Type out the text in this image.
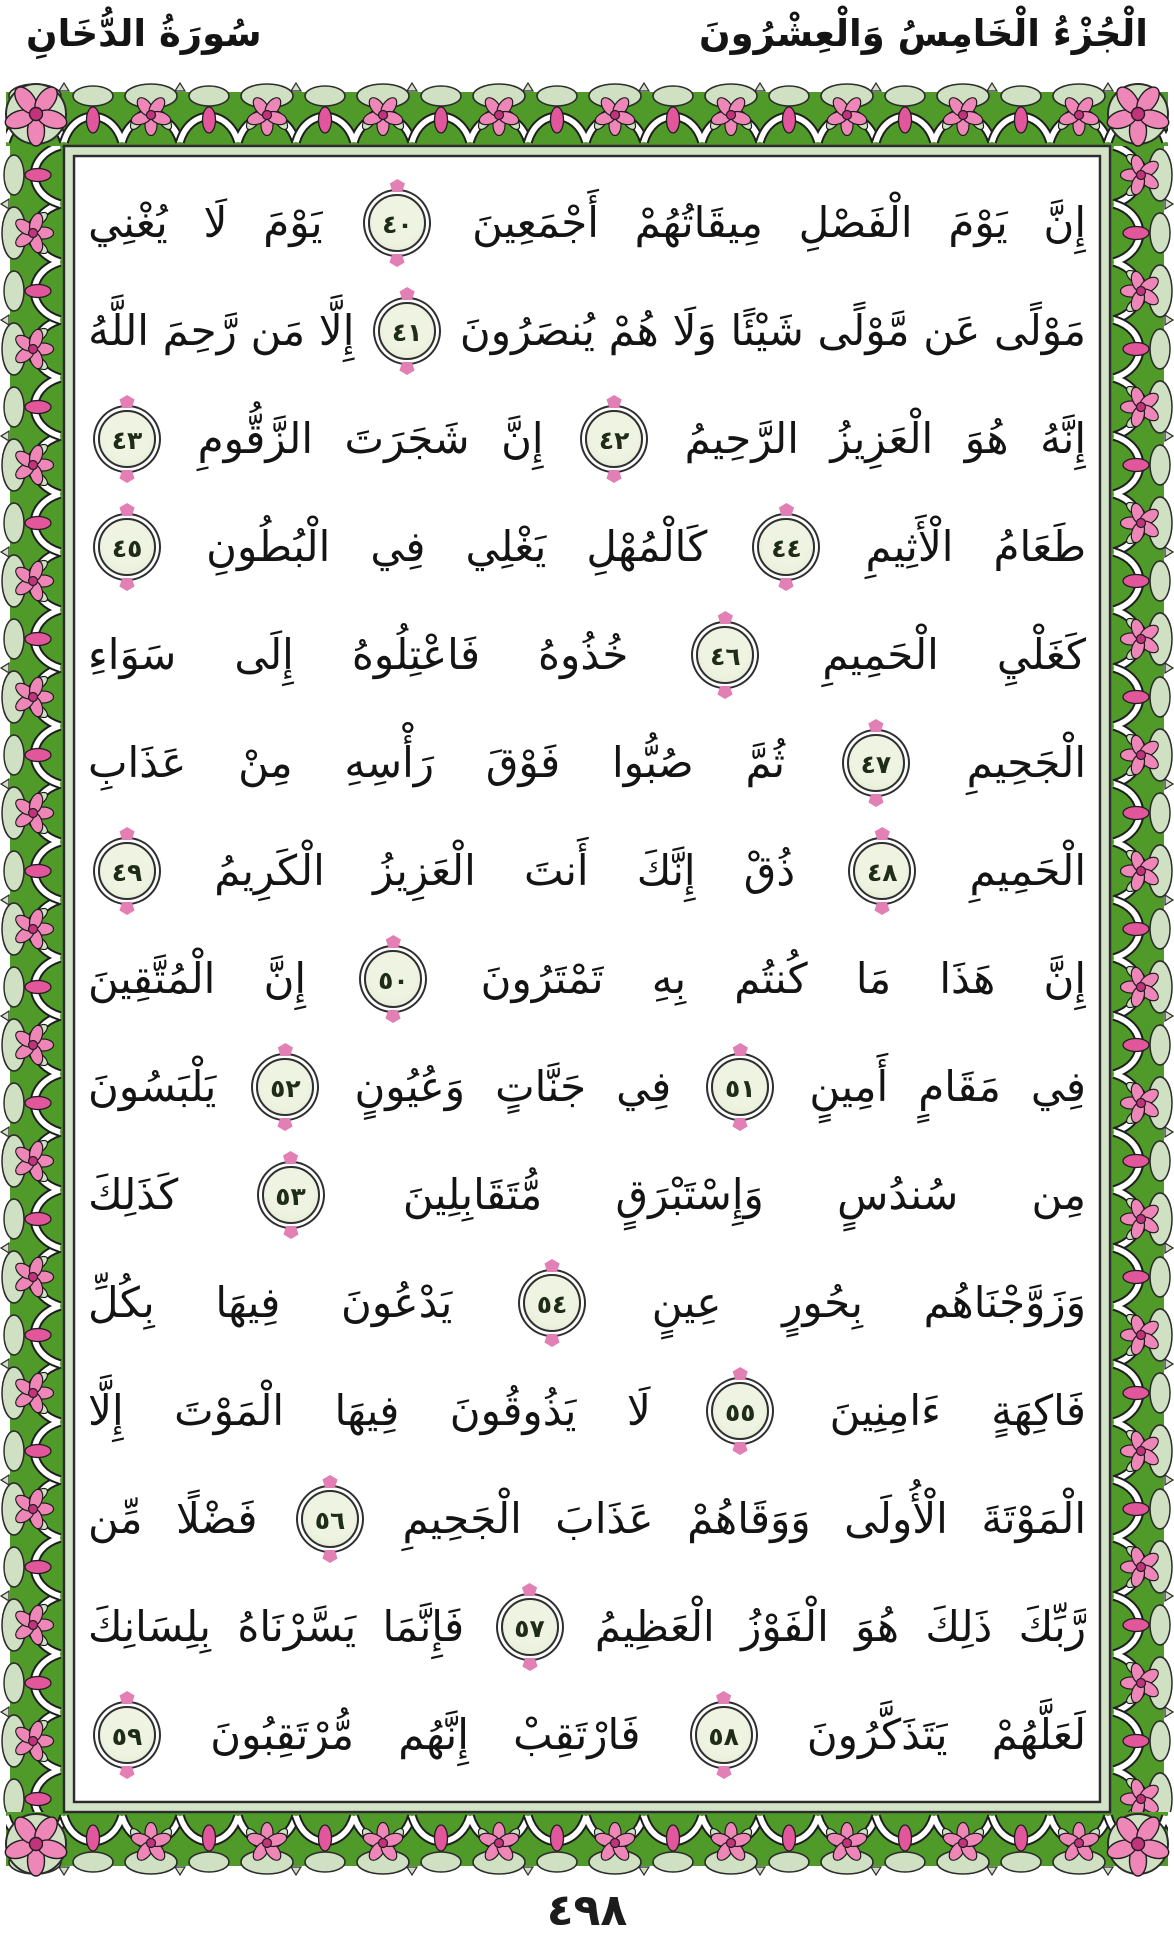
الْجُزْءُ الْخَامِسُ وَالْعِشْرُونَ
سُورَةُ الدُّخَانِ
إِنَّ
يَوْمَ
الْفَصْلِ
مِيقَاتُهُمْ
أَجْمَعِينَ
٤٠
يَوْمَ
لَا
يُغْنِي
مَوْلًى
عَن
مَّوْلًى
شَيْئًا
وَلَا
هُمْ
يُنصَرُونَ
٤١
إِلَّا
مَن
رَّحِمَ
اللَّهُ
إِنَّهُ
هُوَ
الْعَزِيزُ
الرَّحِيمُ
٤٢
إِنَّ
شَجَرَتَ
الزَّقُّومِ
٤٣
طَعَامُ
الْأَثِيمِ
٤٤
كَالْمُهْلِ
يَغْلِي
فِي
الْبُطُونِ
٤٥
كَغَلْيِ
الْحَمِيمِ
٤٦
خُذُوهُ
فَاعْتِلُوهُ
إِلَى
سَوَاءِ
الْجَحِيمِ
٤٧
ثُمَّ
صُبُّوا
فَوْقَ
رَأْسِهِ
مِنْ
عَذَابِ
الْحَمِيمِ
٤٨
ذُقْ
إِنَّكَ
أَنتَ
الْعَزِيزُ
الْكَرِيمُ
٤٩
إِنَّ
هَذَا
مَا
كُنتُم
بِهِ
تَمْتَرُونَ
٥٠
إِنَّ
الْمُتَّقِينَ
فِي
مَقَامٍ
أَمِينٍ
٥١
فِي
جَنَّاتٍ
وَعُيُونٍ
٥٢
يَلْبَسُونَ
مِن
سُندُسٍ
وَإِسْتَبْرَقٍ
مُّتَقَابِلِينَ
٥٣
كَذَلِكَ
وَزَوَّجْنَاهُم
بِحُورٍ
عِينٍ
٥٤
يَدْعُونَ
فِيهَا
بِكُلِّ
فَاكِهَةٍ
ءَامِنِينَ
٥٥
لَا
يَذُوقُونَ
فِيهَا
الْمَوْتَ
إِلَّا
الْمَوْتَةَ
الْأُولَى
وَوَقَاهُمْ
عَذَابَ
الْجَحِيمِ
٥٦
فَضْلًا
مِّن
رَّبِّكَ
ذَلِكَ
هُوَ
الْفَوْزُ
الْعَظِيمُ
٥٧
فَإِنَّمَا
يَسَّرْنَاهُ
بِلِسَانِكَ
لَعَلَّهُمْ
يَتَذَكَّرُونَ
٥٨
فَارْتَقِبْ
إِنَّهُم
مُّرْتَقِبُونَ
٥٩
٤٩٨
